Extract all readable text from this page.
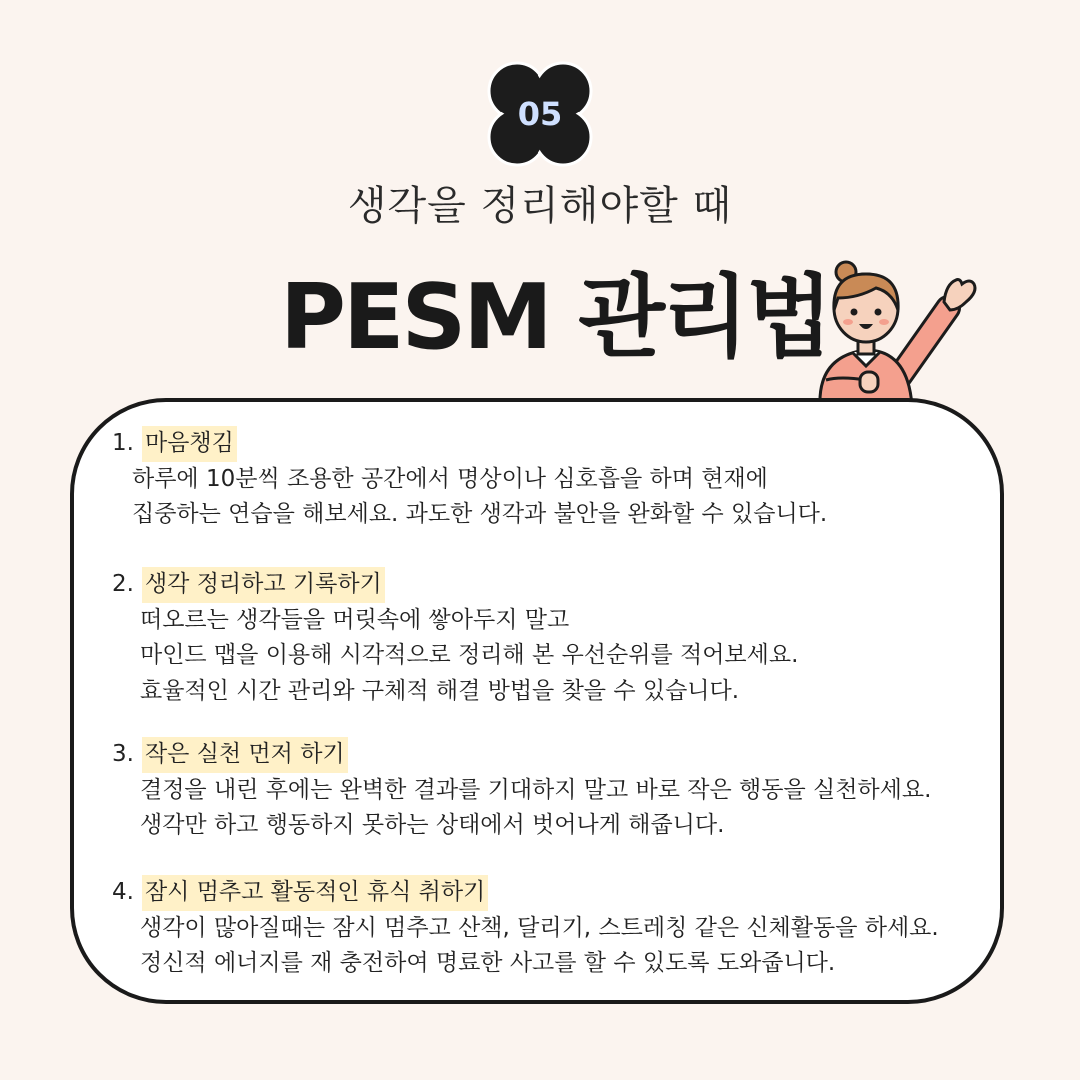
05
생각을 정리해야할 때
PESM 관리법
1. 마음챙김
하루에 10분씩 조용한 공간에서 명상이나 심호흡을 하며 현재에
집중하는 연습을 해보세요. 과도한 생각과 불안을 완화할 수 있습니다.
2. 생각 정리하고 기록하기
떠오르는 생각들을 머릿속에 쌓아두지 말고
마인드 맵을 이용해 시각적으로 정리해 본 우선순위를 적어보세요.
효율적인 시간 관리와 구체적 해결 방법을 찾을 수 있습니다.
3. 작은 실천 먼저 하기
결정을 내린 후에는 완벽한 결과를 기대하지 말고 바로 작은 행동을 실천하세요.
생각만 하고 행동하지 못하는 상태에서 벗어나게 해줍니다.
4. 잠시 멈추고 활동적인 휴식 취하기
생각이 많아질때는 잠시 멈추고 산책, 달리기, 스트레칭 같은 신체활동을 하세요.
정신적 에너지를 재 충전하여 명료한 사고를 할 수 있도록 도와줍니다.
